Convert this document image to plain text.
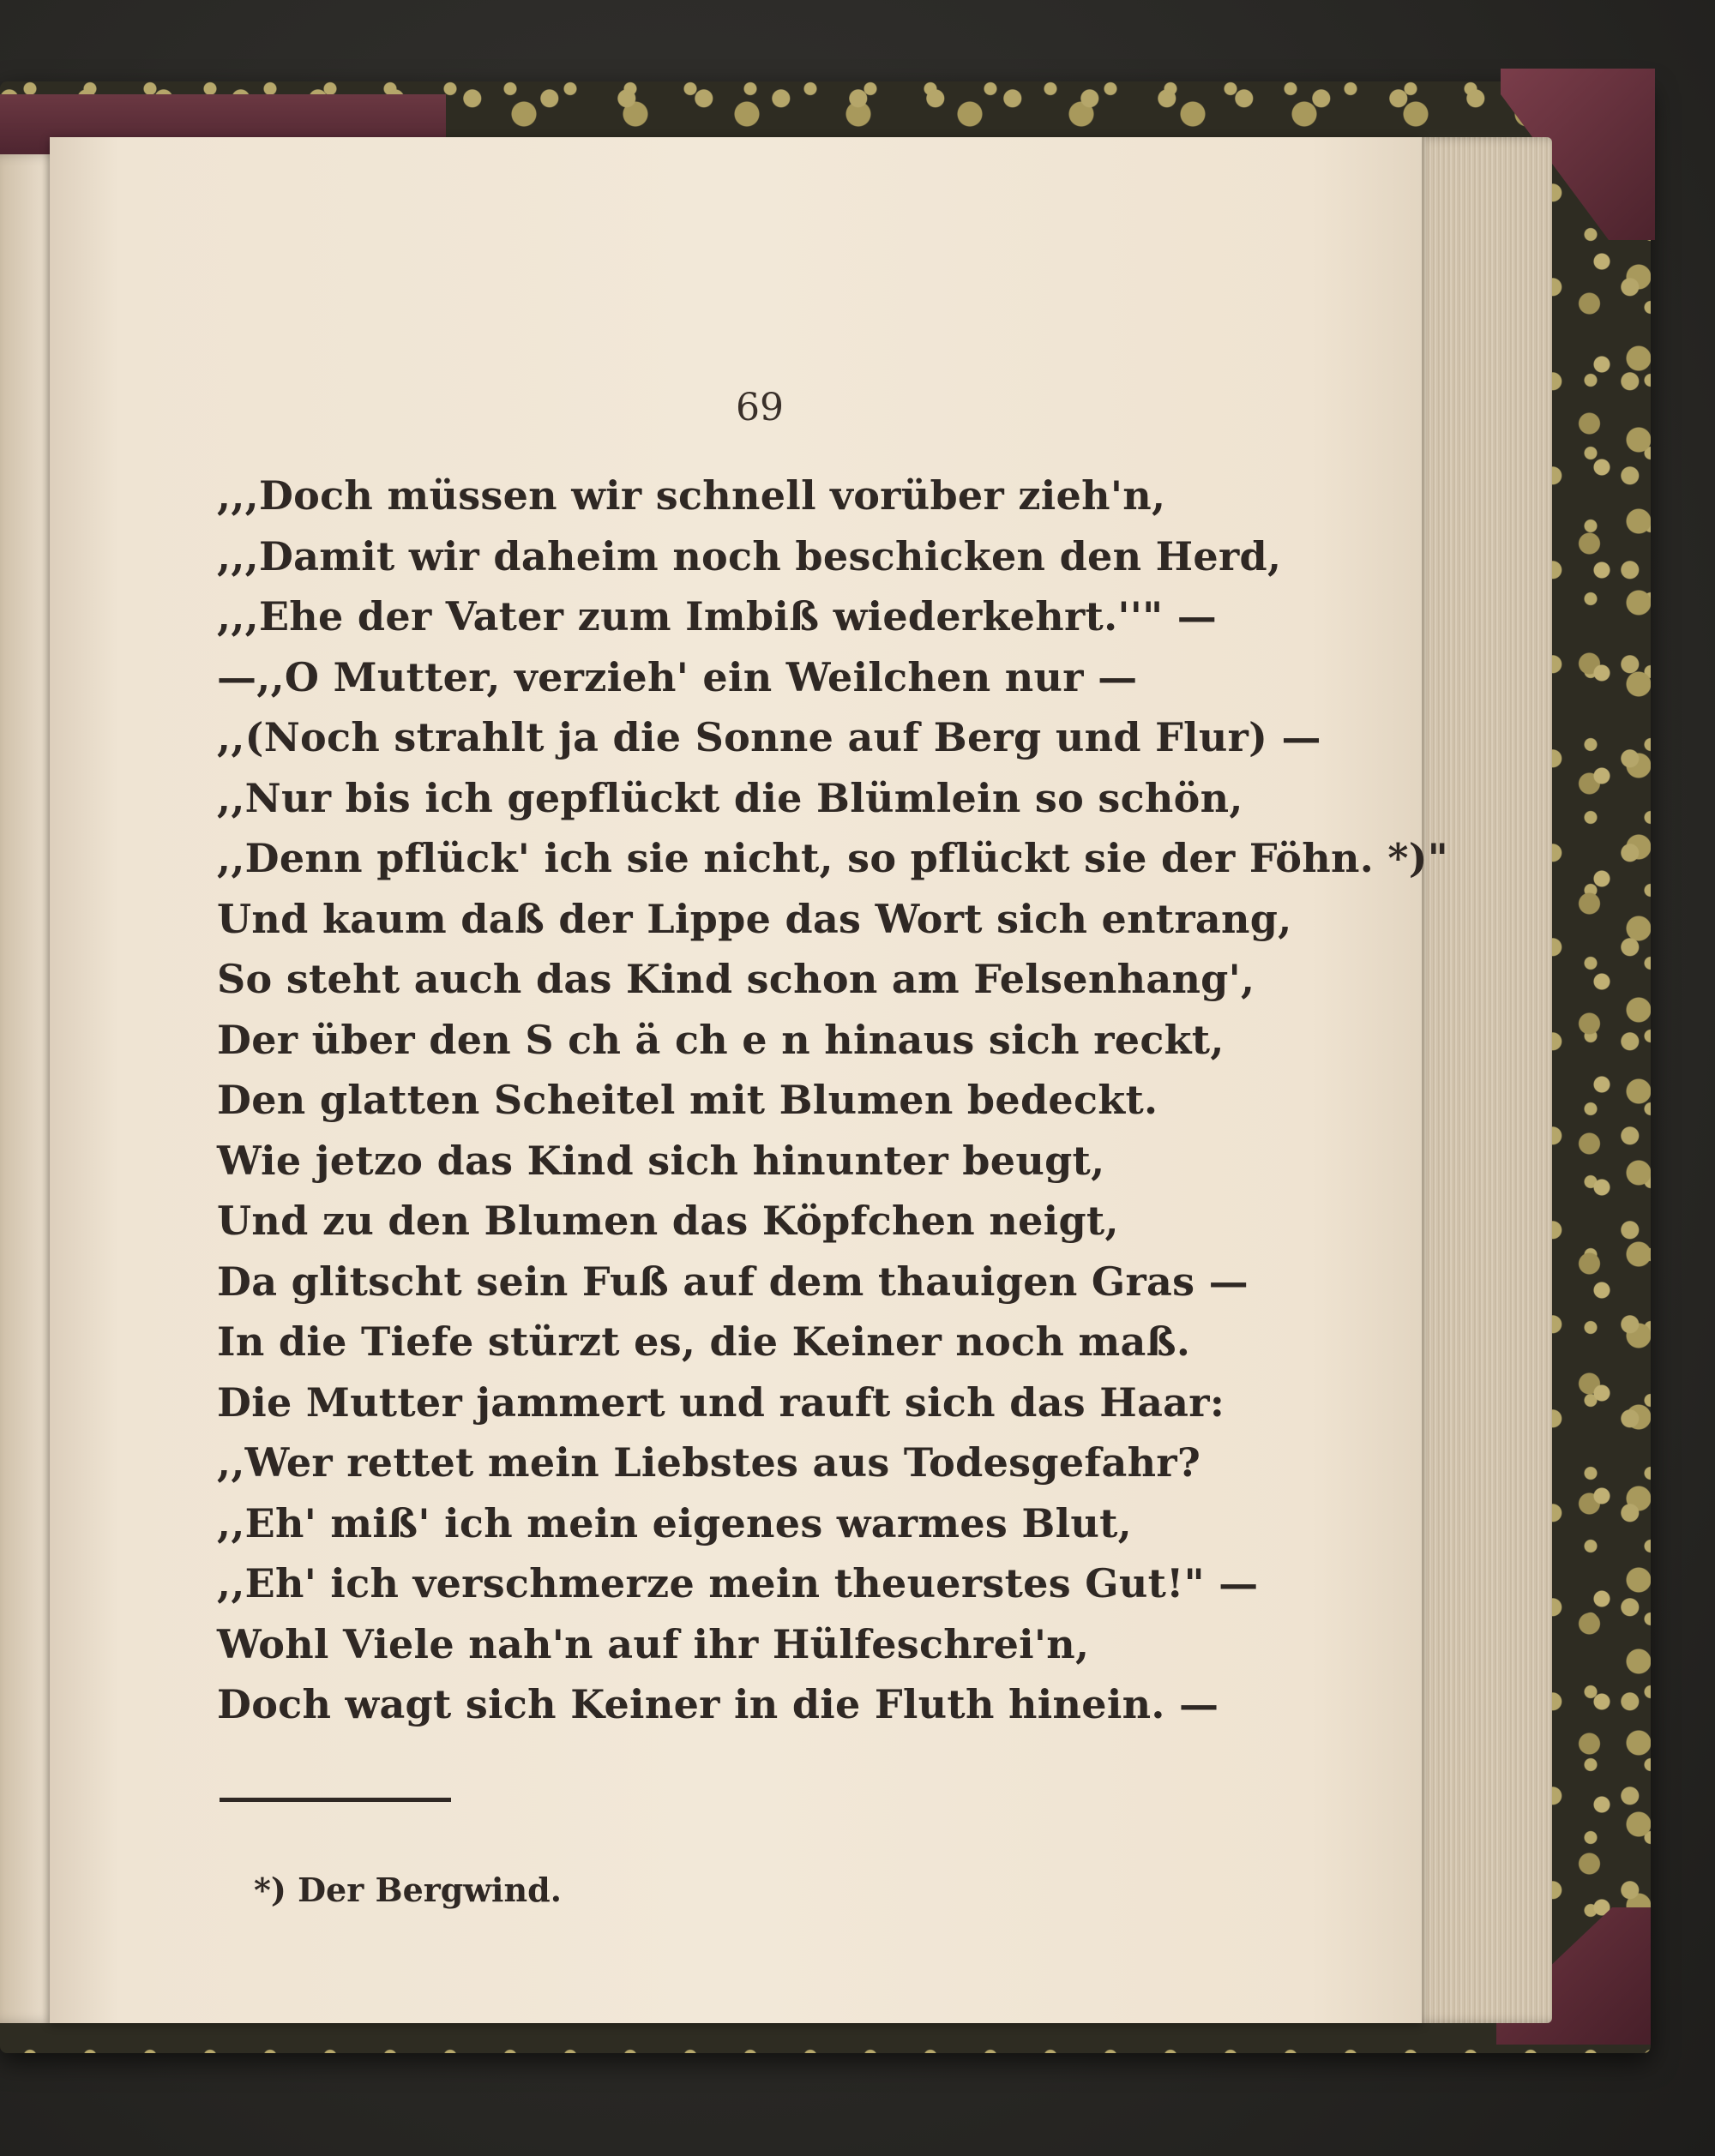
69
,,,Doch müssen wir schnell vorüber zieh'n,
,,,Damit wir daheim noch beschicken den Herd,
,,,Ehe der Vater zum Imbiß wiederkehrt.''" —
—,,O Mutter, verzieh' ein Weilchen nur —
,,(Noch strahlt ja die Sonne auf Berg und Flur) —
,,Nur bis ich gepflückt die Blümlein so schön,
,,Denn pflück' ich sie nicht, so pflückt sie der Föhn. *)"
Und kaum daß der Lippe das Wort sich entrang,
So steht auch das Kind schon am Felsenhang',
Der über den S ch ä ch e n hinaus sich reckt,
Den glatten Scheitel mit Blumen bedeckt.
Wie jetzo das Kind sich hinunter beugt,
Und zu den Blumen das Köpfchen neigt,
Da glitscht sein Fuß auf dem thauigen Gras —
In die Tiefe stürzt es, die Keiner noch maß.
Die Mutter jammert und rauft sich das Haar:
,,Wer rettet mein Liebstes aus Todesgefahr?
,,Eh' miß' ich mein eigenes warmes Blut,
,,Eh' ich verschmerze mein theuerstes Gut!" —
Wohl Viele nah'n auf ihr Hülfeschrei'n,
Doch wagt sich Keiner in die Fluth hinein. —
*) Der Bergwind.
